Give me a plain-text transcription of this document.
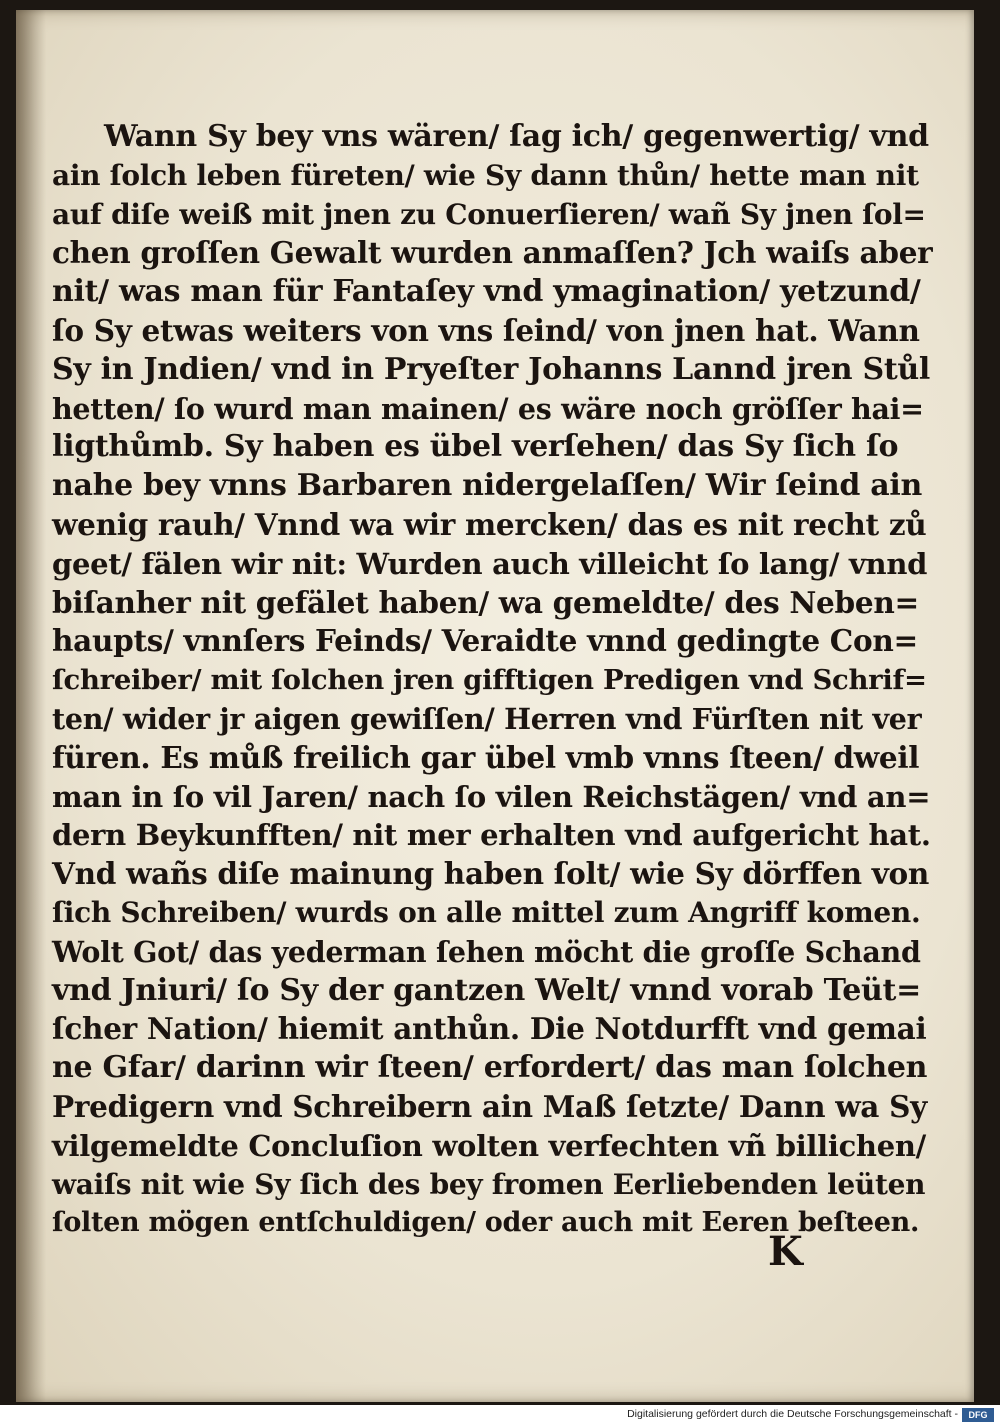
Wann Sy bey vns wären/ ſag ich/ gegenwertig/ vnd
ain ſolch leben füreten/ wie Sy dann thůn/ hette man nit
auf diſe weiß mit jnen zu Conuerſieren/ wañ Sy jnen ſol=
chen groſſen Gewalt wurden anmaſſen? Jch waiſs aber
nit/ was man für Fantaſey vnd ymagination/ yetzund/
ſo Sy etwas weiters von vns ſeind/ von jnen hat. Wann
Sy in Jndien/ vnd in Pryeſter Johanns Lannd jren Stůl
hetten/ ſo wurd man mainen/ es wäre noch gröſſer hai=
ligthůmb. Sy haben es übel verſehen/ das Sy ſich ſo
nahe bey vnns Barbaren nidergelaſſen/ Wir ſeind ain
wenig rauh/ Vnnd wa wir mercken/ das es nit recht zů
geet/ fälen wir nit: Wurden auch villeicht ſo lang/ vnnd
biſanher nit gefälet haben/ wa gemeldte/ des Neben=
haupts/ vnnſers Feinds/ Veraidte vnnd gedingte Con=
ſchreiber/ mit ſolchen jren gifftigen Predigen vnd Schrif=
ten/ wider jr aigen gewiſſen/ Herren vnd Fürſten nit ver
füren. Es můß freilich gar übel vmb vnns ſteen/ dweil
man in ſo vil Jaren/ nach ſo vilen Reichstägen/ vnd an=
dern Beykunfften/ nit mer erhalten vnd aufgericht hat.
Vnd wañs diſe mainung haben ſolt/ wie Sy dörffen von
ſich Schreiben/ wurds on alle mittel zum Angriff komen.
Wolt Got/ das yederman ſehen möcht die groſſe Schand
vnd Jniuri/ ſo Sy der gantzen Welt/ vnnd vorab Teüt=
ſcher Nation/ hiemit anthůn. Die Notdurfft vnd gemai
ne Gfar/ darinn wir ſteen/ erfordert/ das man ſolchen
Predigern vnd Schreibern ain Maß ſetzte/ Dann wa Sy
vilgemeldte Concluſion wolten verfechten vñ billichen/
waiſs nit wie Sy ſich des bey fromen Eerliebenden leüten
ſolten mögen entſchuldigen/ oder auch mit Eeren beſteen.
K
Digitalisierung gefördert durch die Deutsche Forschungsgemeinschaft -	DFG
